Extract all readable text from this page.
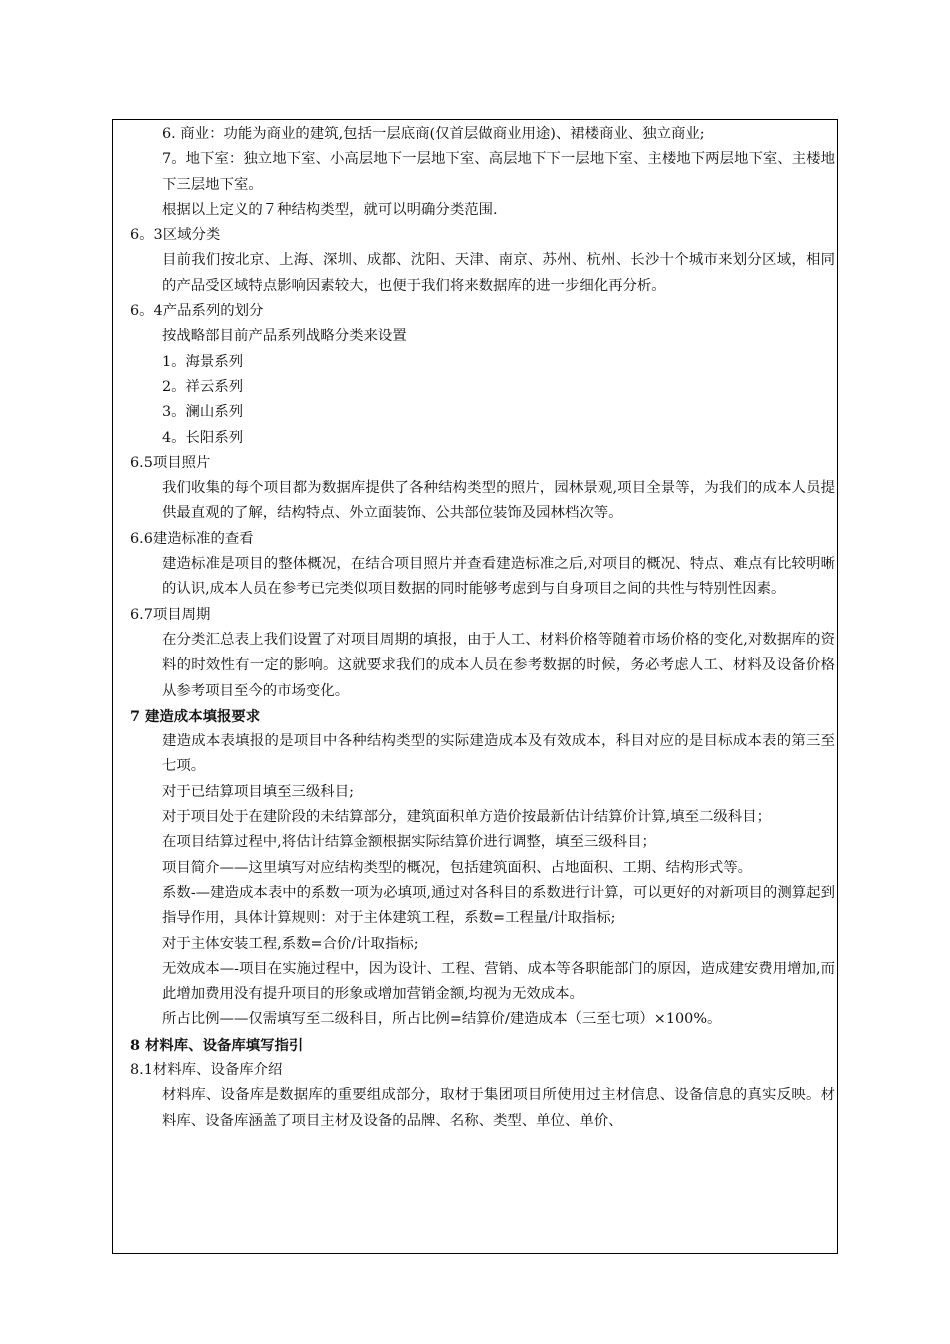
6. 商业：功能为商业的建筑,包括一层底商(仅首层做商业用途)、裙楼商业、独立商业;

7。地下室：独立地下室、小高层地下一层地下室、高层地下下一层地下室、主楼地下两层地下室、主楼地下三层地下室。

根据以上定义的７种结构类型，就可以明确分类范围.

6。3区域分类

目前我们按北京、上海、深圳、成都、沈阳、天津、南京、苏州、杭州、长沙十个城市来划分区域，相同的产品受区域特点影响因素较大，也便于我们将来数据库的进一步细化再分析。

6。4产品系列的划分

按战略部目前产品系列战略分类来设置

1。海景系列

2。祥云系列

3。澜山系列

4。长阳系列

6.5项目照片

我们收集的每个项目都为数据库提供了各种结构类型的照片，园林景观,项目全景等，为我们的成本人员提供最直观的了解，结构特点、外立面装饰、公共部位装饰及园林档次等。

6.6建造标准的查看

建造标准是项目的整体概况，在结合项目照片并查看建造标准之后,对项目的概况、特点、难点有比较明晰的认识,成本人员在参考已完类似项目数据的同时能够考虑到与自身项目之间的共性与特别性因素。

6.7项目周期

在分类汇总表上我们设置了对项目周期的填报，由于人工、材料价格等随着市场价格的变化,对数据库的资料的时效性有一定的影响。这就要求我们的成本人员在参考数据的时候，务必考虑人工、材料及设备价格从参考项目至今的市场变化。

7 建造成本填报要求

建造成本表填报的是项目中各种结构类型的实际建造成本及有效成本，科目对应的是目标成本表的第三至七项。

对于已结算项目填至三级科目;

对于项目处于在建阶段的未结算部分，建筑面积单方造价按最新估计结算价计算,填至二级科目；

在项目结算过程中,将估计结算金额根据实际结算价进行调整，填至三级科目；

项目简介——这里填写对应结构类型的概况，包括建筑面积、占地面积、工期、结构形式等。

系数-—建造成本表中的系数一项为必填项,通过对各科目的系数进行计算，可以更好的对新项目的测算起到指导作用，具体计算规则：对于主体建筑工程，系数=工程量/计取指标;

对于主体安装工程,系数=合价/计取指标;

无效成本—-项目在实施过程中，因为设计、工程、营销、成本等各职能部门的原因，造成建安费用增加,而此增加费用没有提升项目的形象或增加营销金额,均视为无效成本。

所占比例——仅需填写至二级科目，所占比例=结算价/建造成本（三至七项）×100%。

8 材料库、设备库填写指引

8.1材料库、设备库介绍

材料库、设备库是数据库的重要组成部分，取材于集团项目所使用过主材信息、设备信息的真实反映。材料库、设备库涵盖了项目主材及设备的品牌、名称、类型、单位、单价、
